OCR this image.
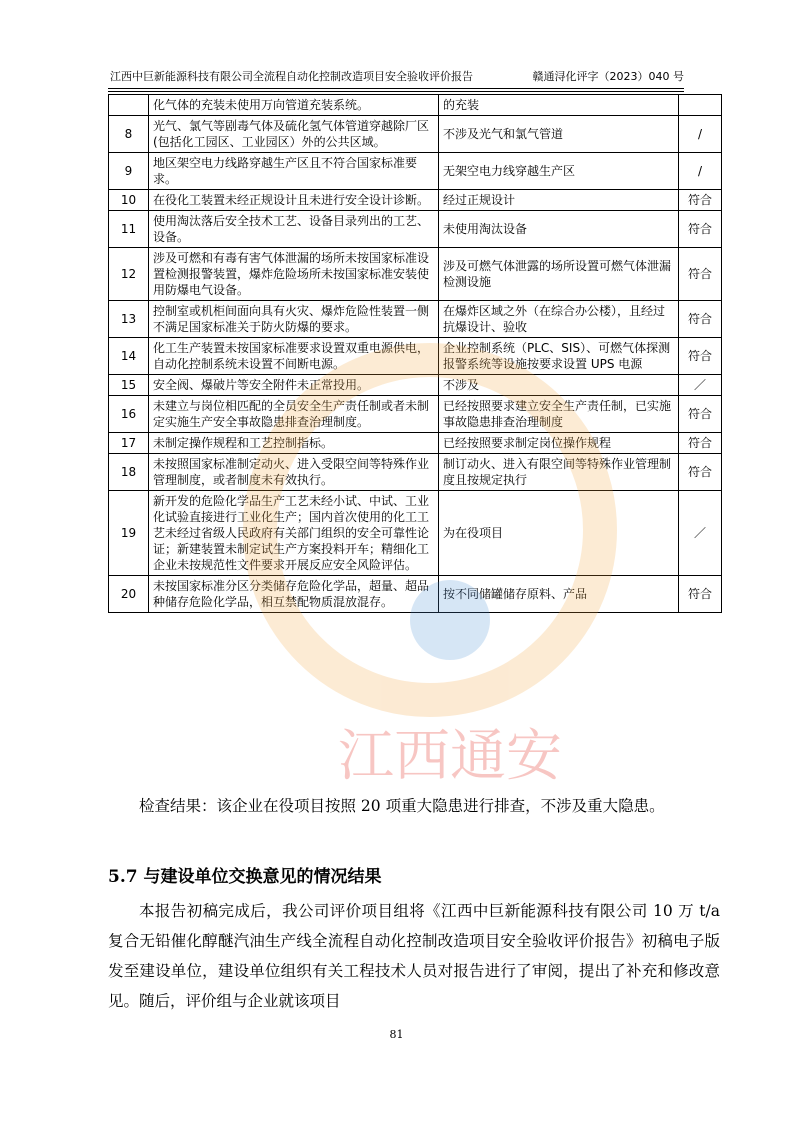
江西中巨新能源科技有限公司全流程自动化控制改造项目安全验收评价报告	赣通浔化评字（2023）040 号
	化气体的充装未使用万向管道充装系统。	的充装	
8	光气、氯气等剧毒气体及硫化氢气体管道穿越除厂区(包括化工园区、工业园区）外的公共区域。	不涉及光气和氯气管道	/
9	地区架空电力线路穿越生产区且不符合国家标准要求。	无架空电力线穿越生产区	/
10	在役化工装置未经正规设计且未进行安全设计诊断。	经过正规设计	符合
11	使用淘汰落后安全技术工艺、设备目录列出的工艺、设备。	未使用淘汰设备	符合
12	涉及可燃和有毒有害气体泄漏的场所未按国家标准设置检测报警装置，爆炸危险场所未按国家标准安装使用防爆电气设备。	涉及可燃气体泄露的场所设置可燃气体泄漏检测设施	符合
13	控制室或机柜间面向具有火灾、爆炸危险性装置一侧不满足国家标准关于防火防爆的要求。	在爆炸区域之外（在综合办公楼），且经过抗爆设计、验收	符合
14	化工生产装置未按国家标准要求设置双重电源供电，自动化控制系统未设置不间断电源。	企业控制系统（PLC、SIS）、可燃气体探测报警系统等设施按要求设置 UPS 电源	符合
15	安全阀、爆破片等安全附件未正常投用。	不涉及	／
16	未建立与岗位相匹配的全员安全生产责任制或者未制定实施生产安全事故隐患排查治理制度。	已经按照要求建立安全生产责任制，已实施事故隐患排查治理制度	符合
17	未制定操作规程和工艺控制指标。	已经按照要求制定岗位操作规程	符合
18	未按照国家标准制定动火、进入受限空间等特殊作业管理制度，或者制度未有效执行。	制订动火、进入有限空间等特殊作业管理制度且按规定执行	符合
19	新开发的危险化学品生产工艺未经小试、中试、工业化试验直接进行工业化生产；国内首次使用的化工工艺未经过省级人民政府有关部门组织的安全可靠性论证；新建装置未制定试生产方案投料开车；精细化工企业未按规范性文件要求开展反应安全风险评估。	为在役项目	／
20	未按国家标准分区分类储存危险化学品，超量、超品种储存危险化学品，相互禁配物质混放混存。	按不同储罐储存原料、产品	符合
检查结果：该企业在役项目按照 20 项重大隐患进行排查，不涉及重大隐患。
5.7 与建设单位交换意见的情况结果
本报告初稿完成后，我公司评价项目组将《江西中巨新能源科技有限公司 10 万 t/a 复合无铅催化醇醚汽油生产线全流程自动化控制改造项目安全验收评价报告》初稿电子版发至建设单位，建设单位组织有关工程技术人员对报告进行了审阅，提出了补充和修改意见。随后，评价组与企业就该项目
81
江西通安
